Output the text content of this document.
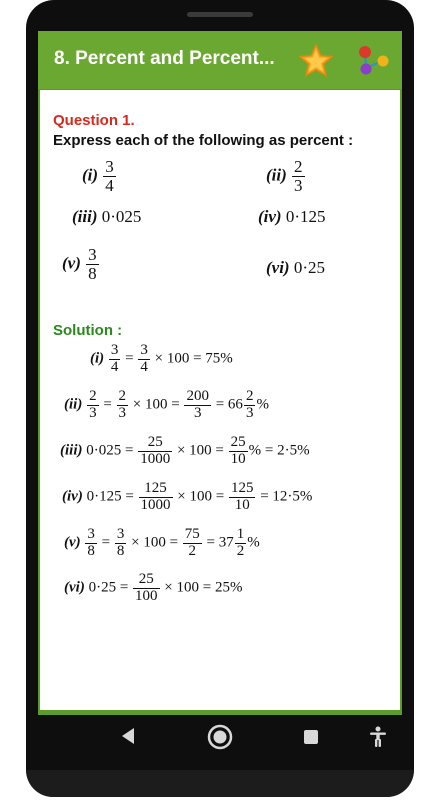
8. Percent and Percent...
Question 1.
Express each of the following as percent :
$(i) \frac{3}{4}$	$(ii) \frac{2}{3}$
(iii) 0·025	(iv) 0·125
$(v) \frac{3}{8}$	(vi) 0·25
Solution :
$(i) \frac{3}{4} = \frac{3}{4} \times 100 = 75\%$
$(ii) \frac{2}{3} = \frac{2}{3} \times 100 = \frac{200}{3} = 66 \frac{2}{3}$ %
(iii) $0\cdot 025 = \frac{25}{1000} \times 100 = \frac{25}{10}$ % = 2·5%
(iv) $0\cdot 125 = \frac{125}{1000} \times 100 = \frac{125}{10} = 12\cdot 5\%$
$(v) \frac{3}{8} = \frac{3}{8} \times 100 = \frac{75}{2} = 37 \frac{1}{2}$ %
(vi) $0\cdot 25 = \frac{25}{100} \times 100 = 25\%$
